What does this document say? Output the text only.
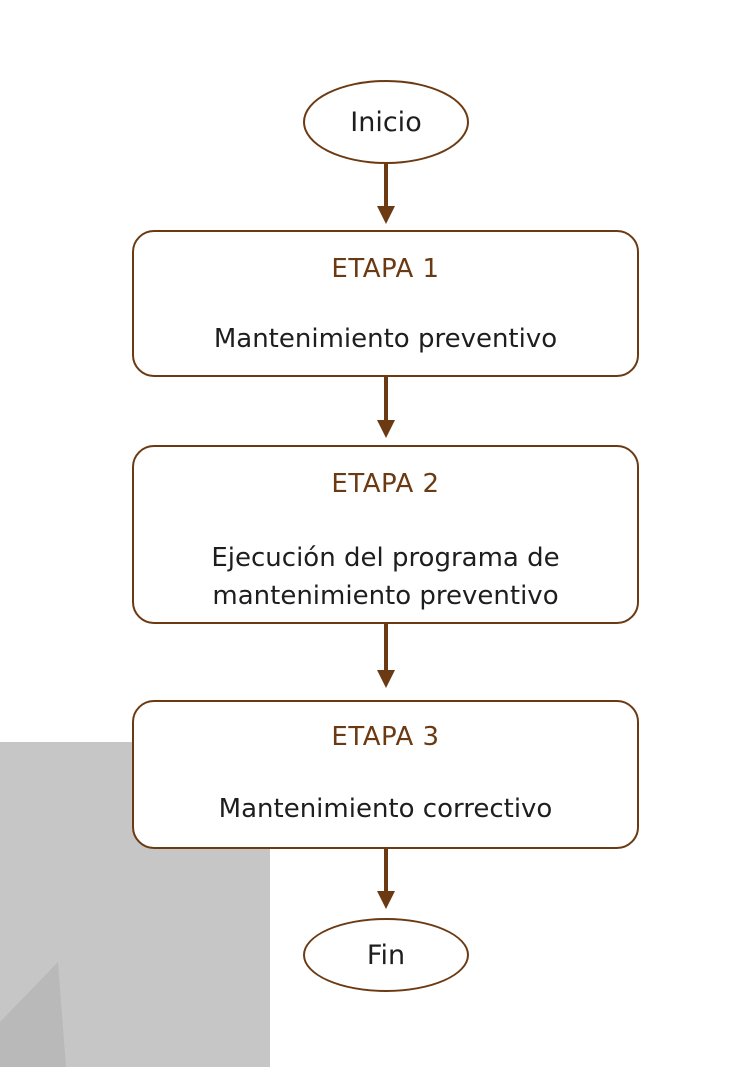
Inicio
ETAPA 1
Mantenimiento preventivo
ETAPA 2
Ejecución del programa de mantenimiento preventivo
ETAPA 3
Mantenimiento correctivo
Fin
